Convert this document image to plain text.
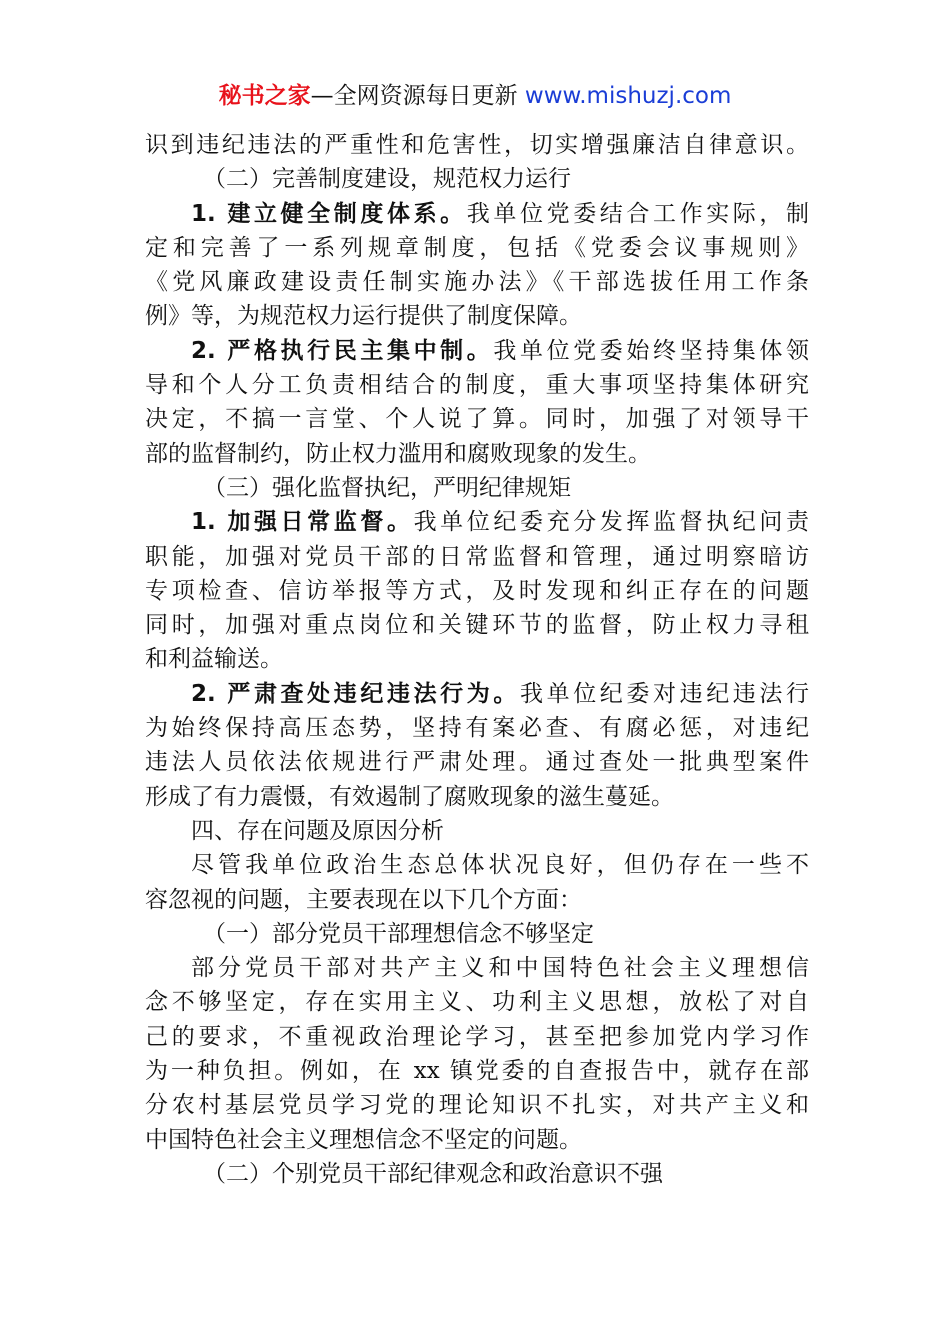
秘书之家—全网资源每日更新 www.mishuzj.com
识到违纪违法的严重性和危害性，切实增强廉洁自律意识。
（二）完善制度建设，规范权力运行
1. 建立健全制度体系。我单位党委结合工作实际，制
定和完善了一系列规章制度，包括《党委会议事规则》
《党风廉政建设责任制实施办法》《干部选拔任用工作条
例》等，为规范权力运行提供了制度保障。
2. 严格执行民主集中制。我单位党委始终坚持集体领
导和个人分工负责相结合的制度，重大事项坚持集体研究
决定，不搞一言堂、个人说了算。同时，加强了对领导干
部的监督制约，防止权力滥用和腐败现象的发生。
（三）强化监督执纪，严明纪律规矩
1. 加强日常监督。我单位纪委充分发挥监督执纪问责
职能，加强对党员干部的日常监督和管理，通过明察暗访
专项检查、信访举报等方式，及时发现和纠正存在的问题
同时，加强对重点岗位和关键环节的监督，防止权力寻租
和利益输送。
2. 严肃查处违纪违法行为。我单位纪委对违纪违法行
为始终保持高压态势，坚持有案必查、有腐必惩，对违纪
违法人员依法依规进行严肃处理。通过查处一批典型案件
形成了有力震慑，有效遏制了腐败现象的滋生蔓延。
四、存在问题及原因分析
尽管我单位政治生态总体状况良好，但仍存在一些不
容忽视的问题，主要表现在以下几个方面：
（一）部分党员干部理想信念不够坚定
部分党员干部对共产主义和中国特色社会主义理想信
念不够坚定，存在实用主义、功利主义思想，放松了对自
己的要求，不重视政治理论学习，甚至把参加党内学习作
为一种负担。例如，在 xx 镇党委的自查报告中，就存在部
分农村基层党员学习党的理论知识不扎实，对共产主义和
中国特色社会主义理想信念不坚定的问题。
（二）个别党员干部纪律观念和政治意识不强
